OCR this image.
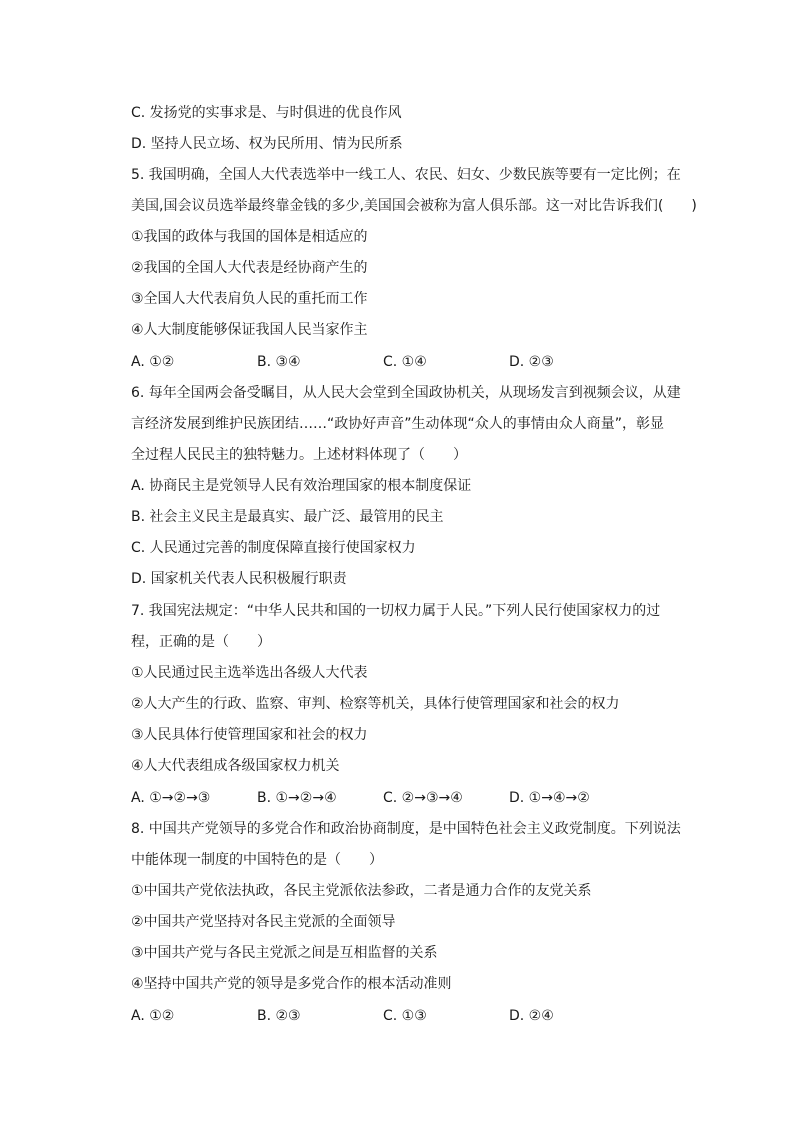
C. 发扬党的实事求是、与时俱进的优良作风
D. 坚持人民立场、权为民所用、情为民所系
5. 我国明确，全国人大代表选举中一线工人、农民、妇女、少数民族等要有一定比例；在
美国,国会议员选举最终靠金钱的多少,美国国会被称为富人俱乐部。这一对比告诉我们(　　)
①我国的政体与我国的国体是相适应的
②我国的全国人大代表是经协商产生的
③全国人大代表肩负人民的重托而工作
④人大制度能够保证我国人民当家作主
A. ①②	B. ③④	C. ①④	D. ②③
6. 每年全国两会备受瞩目，从人民大会堂到全国政协机关，从现场发言到视频会议，从建
言经济发展到维护民族团结……“政协好声音”生动体现“众人的事情由众人商量”，彰显
全过程人民民主的独特魅力。上述材料体现了（　　）
A. 协商民主是党领导人民有效治理国家的根本制度保证
B. 社会主义民主是最真实、最广泛、最管用的民主
C. 人民通过完善的制度保障直接行使国家权力
D. 国家机关代表人民积极履行职责
7. 我国宪法规定：“中华人民共和国的一切权力属于人民。”下列人民行使国家权力的过
程，正确的是（　　）
①人民通过民主选举选出各级人大代表
②人大产生的行政、监察、审判、检察等机关，具体行使管理国家和社会的权力
③人民具体行使管理国家和社会的权力
④人大代表组成各级国家权力机关
A. ①→②→③	B. ①→②→④	C. ②→③→④	D. ①→④→②
8. 中国共产党领导的多党合作和政治协商制度，是中国特色社会主义政党制度。下列说法
中能体现一制度的中国特色的是（　　）
①中国共产党依法执政，各民主党派依法参政，二者是通力合作的友党关系
②中国共产党坚持对各民主党派的全面领导
③中国共产党与各民主党派之间是互相监督的关系
④坚持中国共产党的领导是多党合作的根本活动准则
A. ①②	B. ②③	C. ①③	D. ②④
